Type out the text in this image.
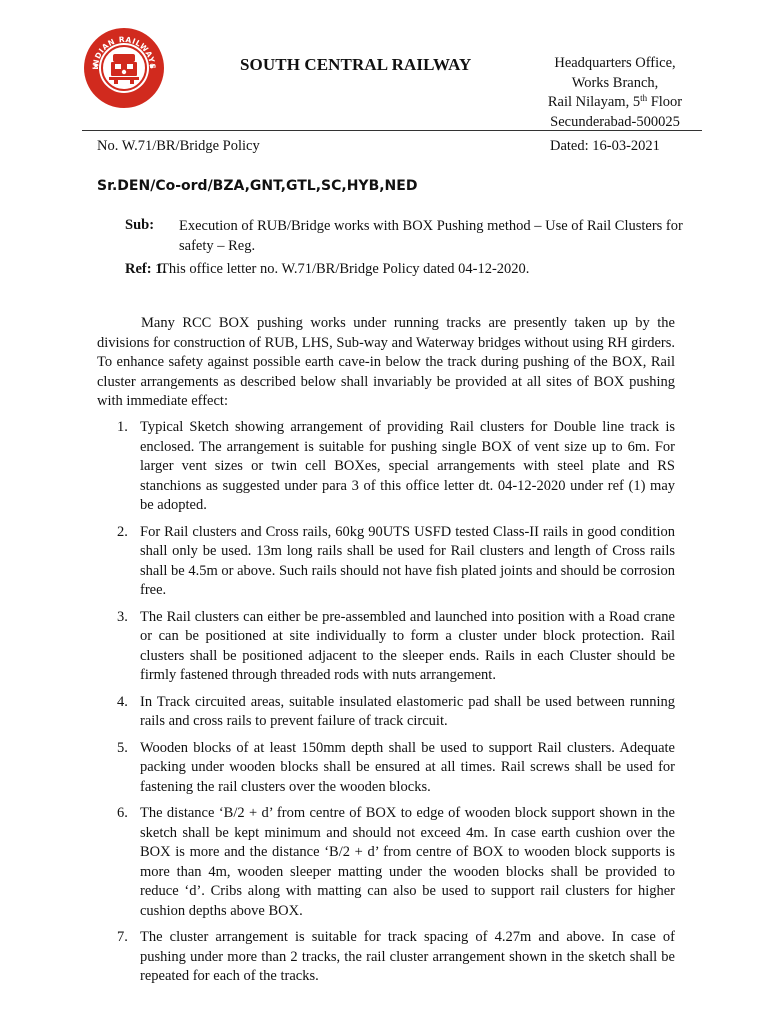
INDIAN RAILWAYS	SOUTH CENTRAL RAILWAY	Headquarters Office,
Works Branch,
Rail Nilayam, 5th Floor
Secunderabad-500025
No. W.71/BR/Bridge Policy	Dated: 16-03-2021
Sr.DEN/Co-ord/BZA,GNT,GTL,SC,HYB,NED
Sub: Execution of RUB/Bridge works with BOX Pushing method – Use of Rail Clusters for safety – Reg.
Ref: 1.
This office letter no. W.71/BR/Bridge Policy dated 04-12-2020.
Many RCC BOX pushing works under running tracks are presently taken up by the divisions for construction of RUB, LHS, Sub-way and Waterway bridges without using RH girders. To enhance safety against possible earth cave-in below the track during pushing of the BOX, Rail cluster arrangements as described below shall invariably be provided at all sites of BOX pushing with immediate effect:
1. Typical Sketch showing arrangement of providing Rail clusters for Double line track is enclosed. The arrangement is suitable for pushing single BOX of vent size up to 6m. For larger vent sizes or twin cell BOXes, special arrangements with steel plate and RS stanchions as suggested under para 3 of this office letter dt. 04-12-2020 under ref (1) may be adopted.
2. For Rail clusters and Cross rails, 60kg 90UTS USFD tested Class-II rails in good condition shall only be used. 13m long rails shall be used for Rail clusters and length of Cross rails shall be 4.5m or above. Such rails should not have fish plated joints and should be corrosion free.
3. The Rail clusters can either be pre-assembled and launched into position with a Road crane or can be positioned at site individually to form a cluster under block protection. Rail clusters shall be positioned adjacent to the sleeper ends. Rails in each Cluster should be firmly fastened through threaded rods with nuts arrangement.
4. In Track circuited areas, suitable insulated elastomeric pad shall be used between running rails and cross rails to prevent failure of track circuit.
5. Wooden blocks of at least 150mm depth shall be used to support Rail clusters. Adequate packing under wooden blocks shall be ensured at all times. Rail screws shall be used for fastening the rail clusters over the wooden blocks.
6. The distance ‘B/2 + d’ from centre of BOX to edge of wooden block support shown in the sketch shall be kept minimum and should not exceed 4m. In case earth cushion over the BOX is more and the distance ‘B/2 + d’ from centre of BOX to wooden block supports is more than 4m, wooden sleeper matting under the wooden blocks shall be provided to reduce ‘d’. Cribs along with matting can also be used to support rail clusters for higher cushion depths above BOX.
7. The cluster arrangement is suitable for track spacing of 4.27m and above. In case of pushing under more than 2 tracks, the rail cluster arrangement shown in the sketch shall be repeated for each of the tracks.
